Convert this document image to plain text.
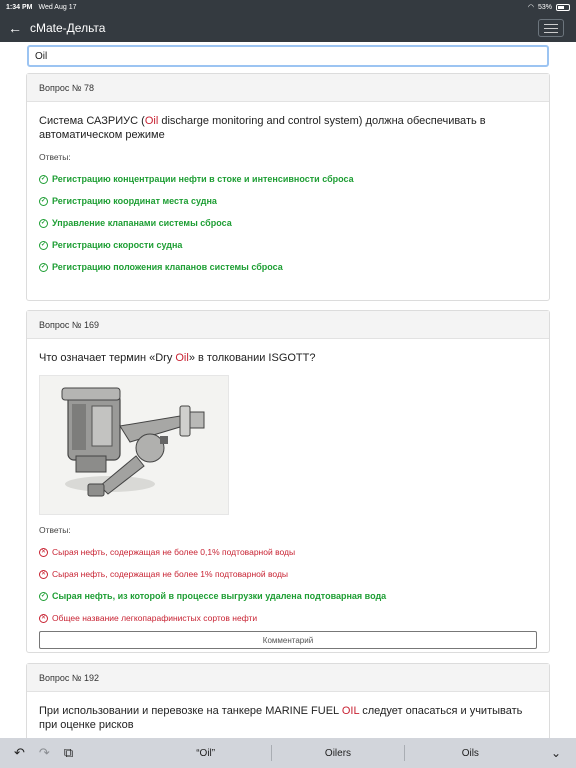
1:34 PM Wed Aug 17	◠ 53%
← cMate-Дельта
Oil
Вопрос № 78
Система САЗРИУС (Oil discharge monitoring and control system) должна обеспечивать в автоматическом режиме
Ответы:
✓ Регистрацию концентрации нефти в стоке и интенсивности сброса
✓ Регистрацию координат места судна
✓ Управление клапанами системы сброса
✓ Регистрацию скорости судна
✓ Регистрацию положения клапанов системы сброса
Вопрос № 169
Что означает термин «Dry Oil» в толковании ISGOTT?
Ответы:
✕ Сырая нефть, содержащая не более 0,1% подтоварной воды
✕ Сырая нефть, содержащая не более 1% подтоварной воды
✓ Сырая нефть, из которой в процессе выгрузки удалена подтоварная вода
✕ Общее название легкопарафинистых сортов нефти
Комментарий
Вопрос № 192
При использовании и перевозке на танкере MARINE FUEL OIL следует опасаться и учитывать при оценке рисков
↶ ↷ ⧉	“Oil”	Oilers	Oils	⌄
